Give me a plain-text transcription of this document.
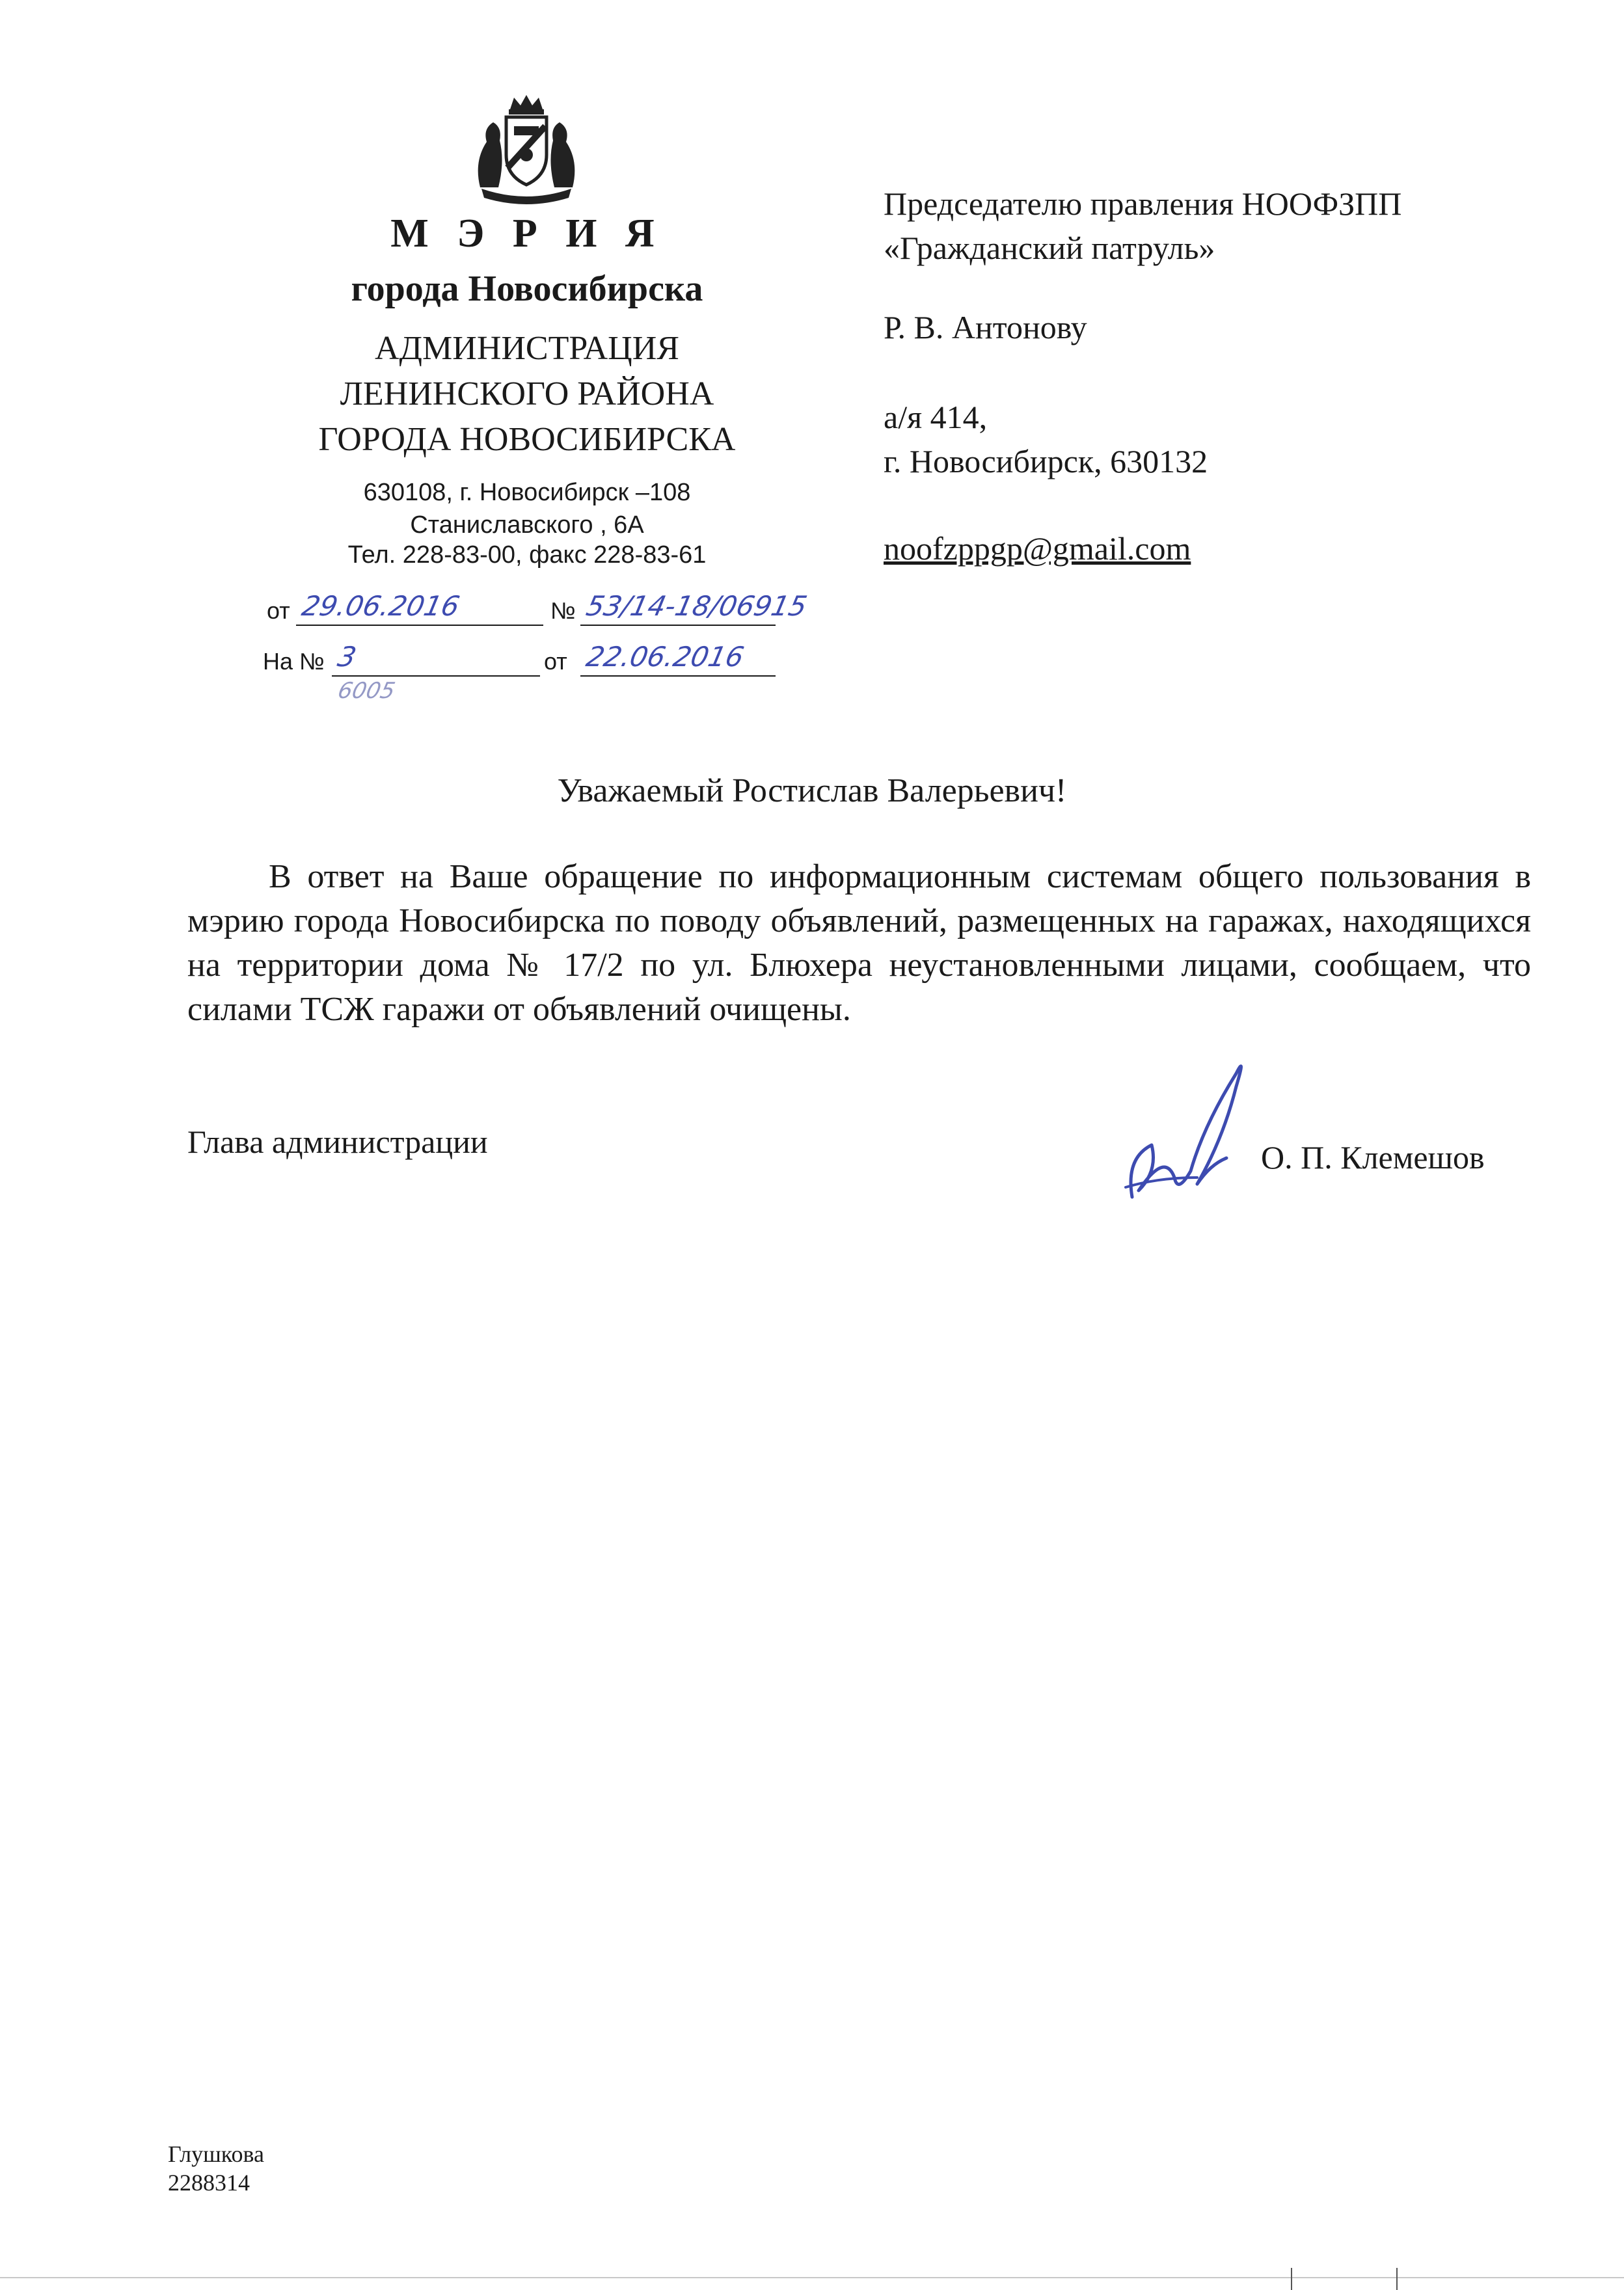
М Э Р И Я
города Новосибирска
АДМИНИСТРАЦИЯ
ЛЕНИНСКОГО РАЙОНА
ГОРОДА НОВОСИБИРСКА
630108, г. Новосибирск –108
Станиславского , 6А
Тел. 228-83-00, факс 228-83-61
от 29.06.2016	№ 53/14-18/06915
На № 3	от 22.06.2016
6005
Председателю правления НООФЗПП
«Гражданский патруль»
Р. В. Антонову
а/я 414,
г. Новосибирск, 630132
noofzppgp@gmail.com
Уважаемый Ростислав Валерьевич!
В ответ на Ваше обращение по информационным системам общего пользования в мэрию города Новосибирска по поводу объявлений, размещенных на гаражах, находящихся на территории дома № 17/2 по ул. Блюхера неустановленными лицами, сообщаем, что силами ТСЖ гаражи от объявлений очищены.
Глава администрации	О. П. Клемешов
Глушкова
2288314
